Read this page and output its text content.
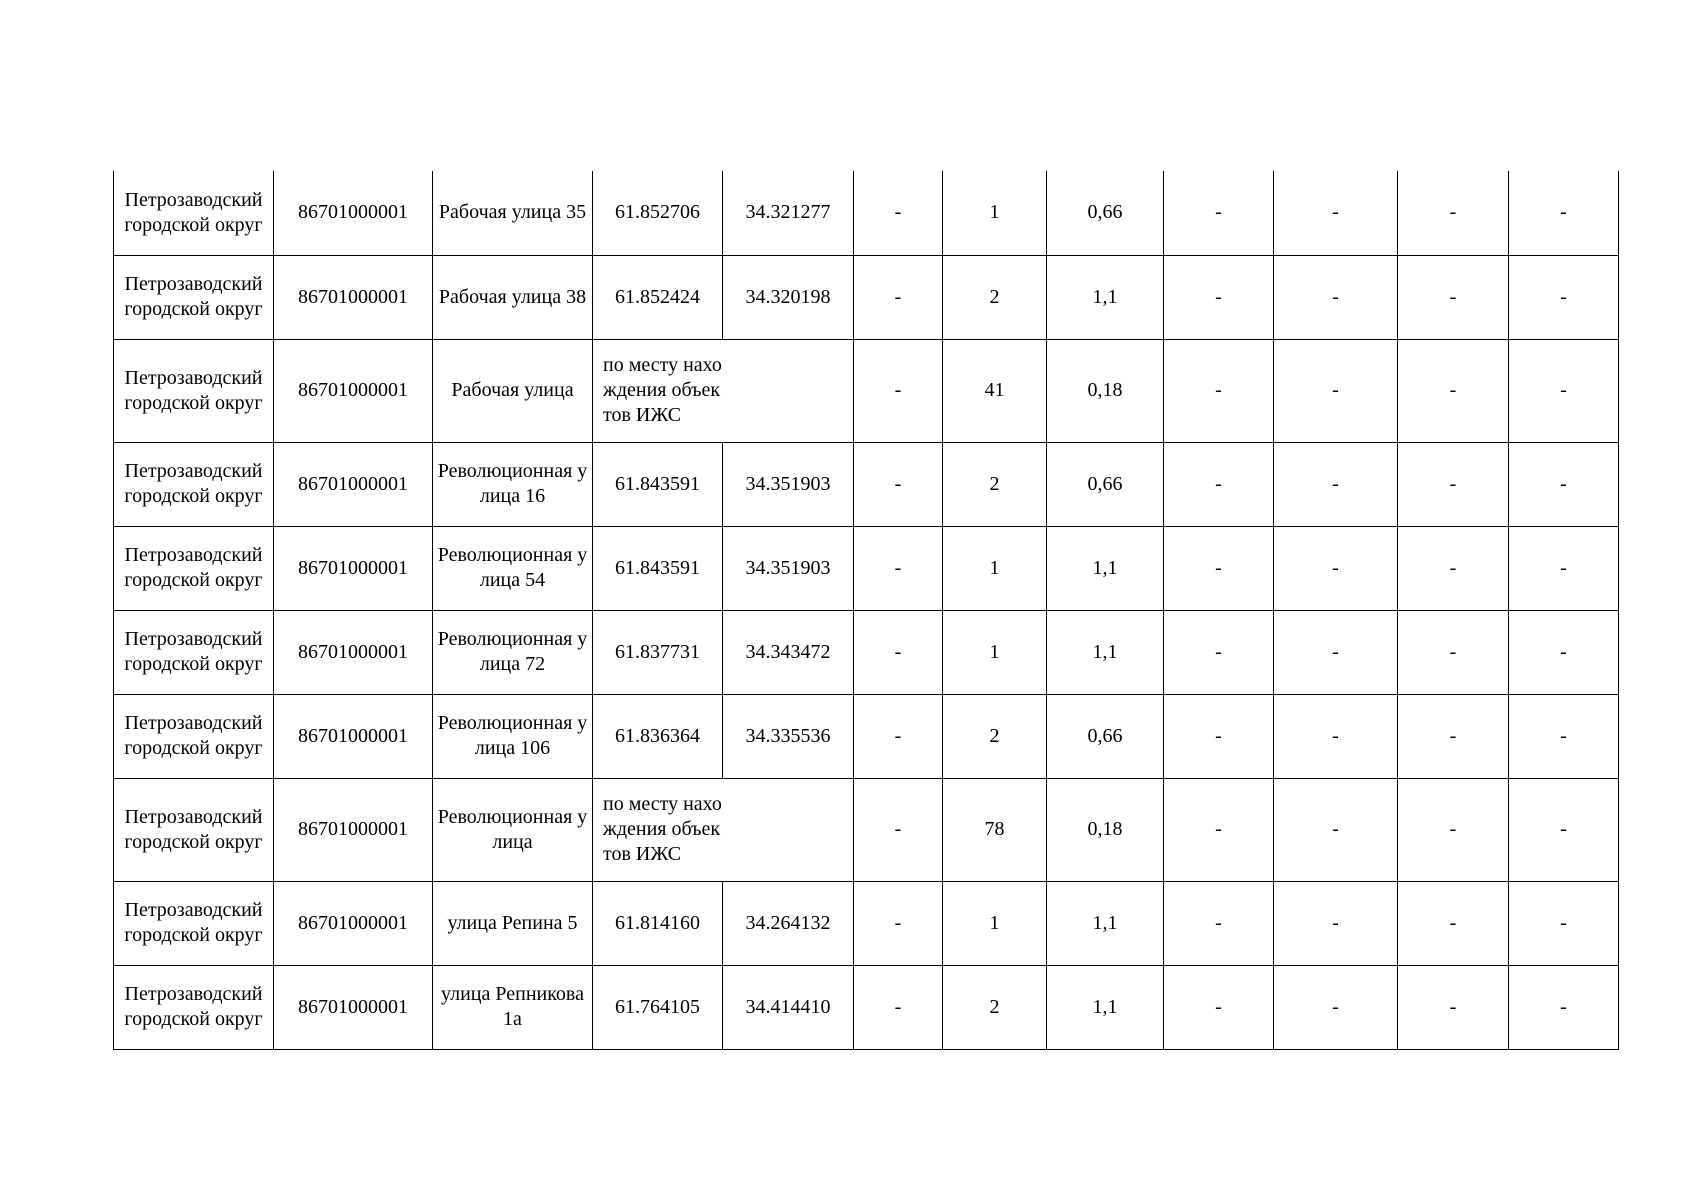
Петрозаводский городской округ	86701000001	Рабочая улица 35	61.852706	34.321277	-	1	0,66	-	-	-	-
Петрозаводский городской округ	86701000001	Рабочая улица 38	61.852424	34.320198	-	2	1,1	-	-	-	-
Петрозаводский городской округ	86701000001	Рабочая улица	по месту нахождения объектов ИЖС		-	41	0,18	-	-	-	-
Петрозаводский городской округ	86701000001	Революционная улица 16	61.843591	34.351903	-	2	0,66	-	-	-	-
Петрозаводский городской округ	86701000001	Революционная улица 54	61.843591	34.351903	-	1	1,1	-	-	-	-
Петрозаводский городской округ	86701000001	Революционная улица 72	61.837731	34.343472	-	1	1,1	-	-	-	-
Петрозаводский городской округ	86701000001	Революционная улица 106	61.836364	34.335536	-	2	0,66	-	-	-	-
Петрозаводский городской округ	86701000001	Революционная улица	по месту нахождения объектов ИЖС		-	78	0,18	-	-	-	-
Петрозаводский городской округ	86701000001	улица Репина 5	61.814160	34.264132	-	1	1,1	-	-	-	-
Петрозаводский городской округ	86701000001	улица Репникова 1а	61.764105	34.414410	-	2	1,1	-	-	-	-
